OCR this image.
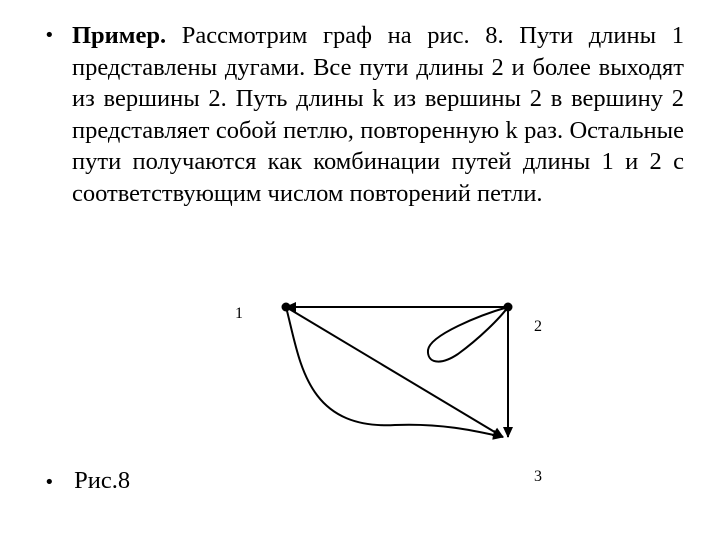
• Пример. Рассмотрим граф на рис. 8. Пути длины 1 представлены дугами. Все пути длины 2 и более выходят из вершины 2. Путь длины k из вершины 2 в вершину 2 представляет собой петлю, повторенную k раз. Остальные пути получаются как комбинации путей длины 1 и 2 с соответствующим числом повторений петли.
1
2
3
• Рис.8
